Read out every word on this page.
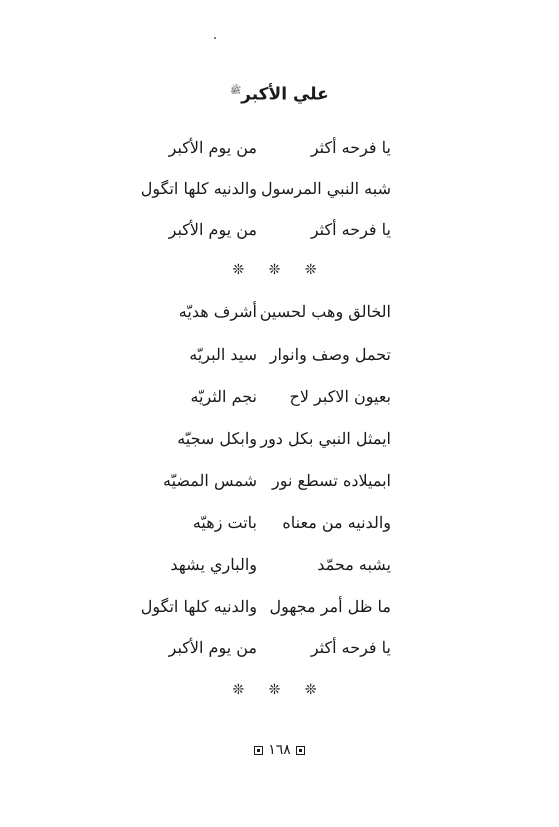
علي الأكبر$^ﷺ$
يا فرحه أكثر
من يوم الأكبر
شبه النبي المرسول
والدنيه كلها اتگول
يا فرحه أكثر
من يوم الأكبر
❊ ❊ ❊
الخالق وهب لحسين
أشرف هديّه
تحمل وصف وانوار
سيد البريّه
بعيون الاكبر لاح
نجم الثريّه
ايمثل النبي بكل دور
وابكل سجيّه
ابميلاده تسطع نور
شمس المضيّه
والدنيه من معناه
باتت زهيّه
يشبه محمّد
والباري يشهد
ما ظل أمر مجهول
والدنيه كلها اتگول
يا فرحه أكثر
من يوم الأكبر
❊ ❊ ❊
١٦٨
